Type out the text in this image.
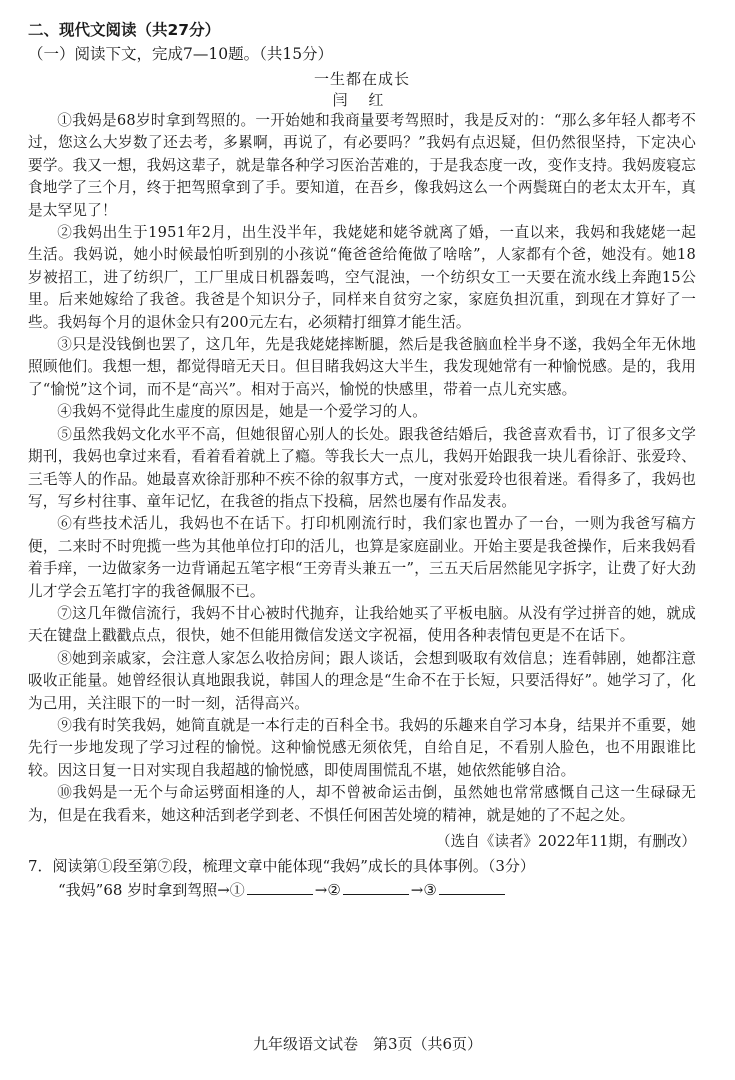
二、现代文阅读（共27分）
（一）阅读下文，完成7—10题。（共15分）
一生都在成长
闫 红

①我妈是68岁时拿到驾照的。一开始她和我商量要考驾照时，我是反对的：“那么多年轻人都考不过，您这么大岁数了还去考，多累啊，再说了，有必要吗？”我妈有点迟疑，但仍然很坚持，下定决心要学。我又一想，我妈这辈子，就是靠各种学习医治苦难的，于是我态度一改，变作支持。我妈废寝忘食地学了三个月，终于把驾照拿到了手。要知道，在吾乡，像我妈这么一个两鬓斑白的老太太开车，真是太罕见了！

②我妈出生于1951年2月，出生没半年，我姥姥和姥爷就离了婚，一直以来，我妈和我姥姥一起生活。我妈说，她小时候最怕听到别的小孩说“俺爸爸给俺做了啥啥”，人家都有个爸，她没有。她18岁被招工，进了纺织厂，工厂里成日机器轰鸣，空气混浊，一个纺织女工一天要在流水线上奔跑15公里。后来她嫁给了我爸。我爸是个知识分子，同样来自贫穷之家，家庭负担沉重，到现在才算好了一些。我妈每个月的退休金只有200元左右，必须精打细算才能生活。

③只是没钱倒也罢了，这几年，先是我姥姥摔断腿，然后是我爸脑血栓半身不遂，我妈全年无休地照顾他们。我想一想，都觉得暗无天日。但目睹我妈这大半生，我发现她常有一种愉悦感。是的，我用了“愉悦”这个词，而不是“高兴”。相对于高兴，愉悦的快感里，带着一点儿充实感。

④我妈不觉得此生虚度的原因是，她是一个爱学习的人。

⑤虽然我妈文化水平不高，但她很留心别人的长处。跟我爸结婚后，我爸喜欢看书，订了很多文学期刊，我妈也拿过来看，看着看着就上了瘾。等我长大一点儿，我妈开始跟我一块儿看徐訏、张爱玲、三毛等人的作品。她最喜欢徐訏那种不疾不徐的叙事方式，一度对张爱玲也很着迷。看得多了，我妈也写，写乡村往事、童年记忆，在我爸的指点下投稿，居然也屡有作品发表。

⑥有些技术活儿，我妈也不在话下。打印机刚流行时，我们家也置办了一台，一则为我爸写稿方便，二来时不时兜揽一些为其他单位打印的活儿，也算是家庭副业。开始主要是我爸操作，后来我妈看着手痒，一边做家务一边背诵起五笔字根“王旁青头兼五一”，三五天后居然能见字拆字，让费了好大劲儿才学会五笔打字的我爸佩服不已。

⑦这几年微信流行，我妈不甘心被时代抛弃，让我给她买了平板电脑。从没有学过拼音的她，就成天在键盘上戳戳点点，很快，她不但能用微信发送文字祝福，使用各种表情包更是不在话下。

⑧她到亲戚家，会注意人家怎么收拾房间；跟人谈话，会想到吸取有效信息；连看韩剧，她都注意吸收正能量。她曾经很认真地跟我说，韩国人的理念是“生命不在于长短，只要活得好”。她学习了，化为己用，关注眼下的一时一刻，活得高兴。

⑨我有时笑我妈，她简直就是一本行走的百科全书。我妈的乐趣来自学习本身，结果并不重要，她先行一步地发现了学习过程的愉悦。这种愉悦感无须依凭，自给自足，不看别人脸色，也不用跟谁比较。因这日复一日对实现自我超越的愉悦感，即使周围慌乱不堪，她依然能够自洽。

⑩我妈是一无个与命运劈面相逢的人，却不曾被命运击倒，虽然她也常常感慨自己这一生碌碌无为，但是在我看来，她这种活到老学到老、不惧任何困苦处境的精神，就是她的了不起之处。

（选自《读者》2022年11期，有删改）
7．阅读第①段至第⑦段，梳理文章中能体现“我妈”成长的具体事例。（3分）
“我妈”68 岁时拿到驾照→①	→②	→③
九年级语文试卷　第3页（共6页）
